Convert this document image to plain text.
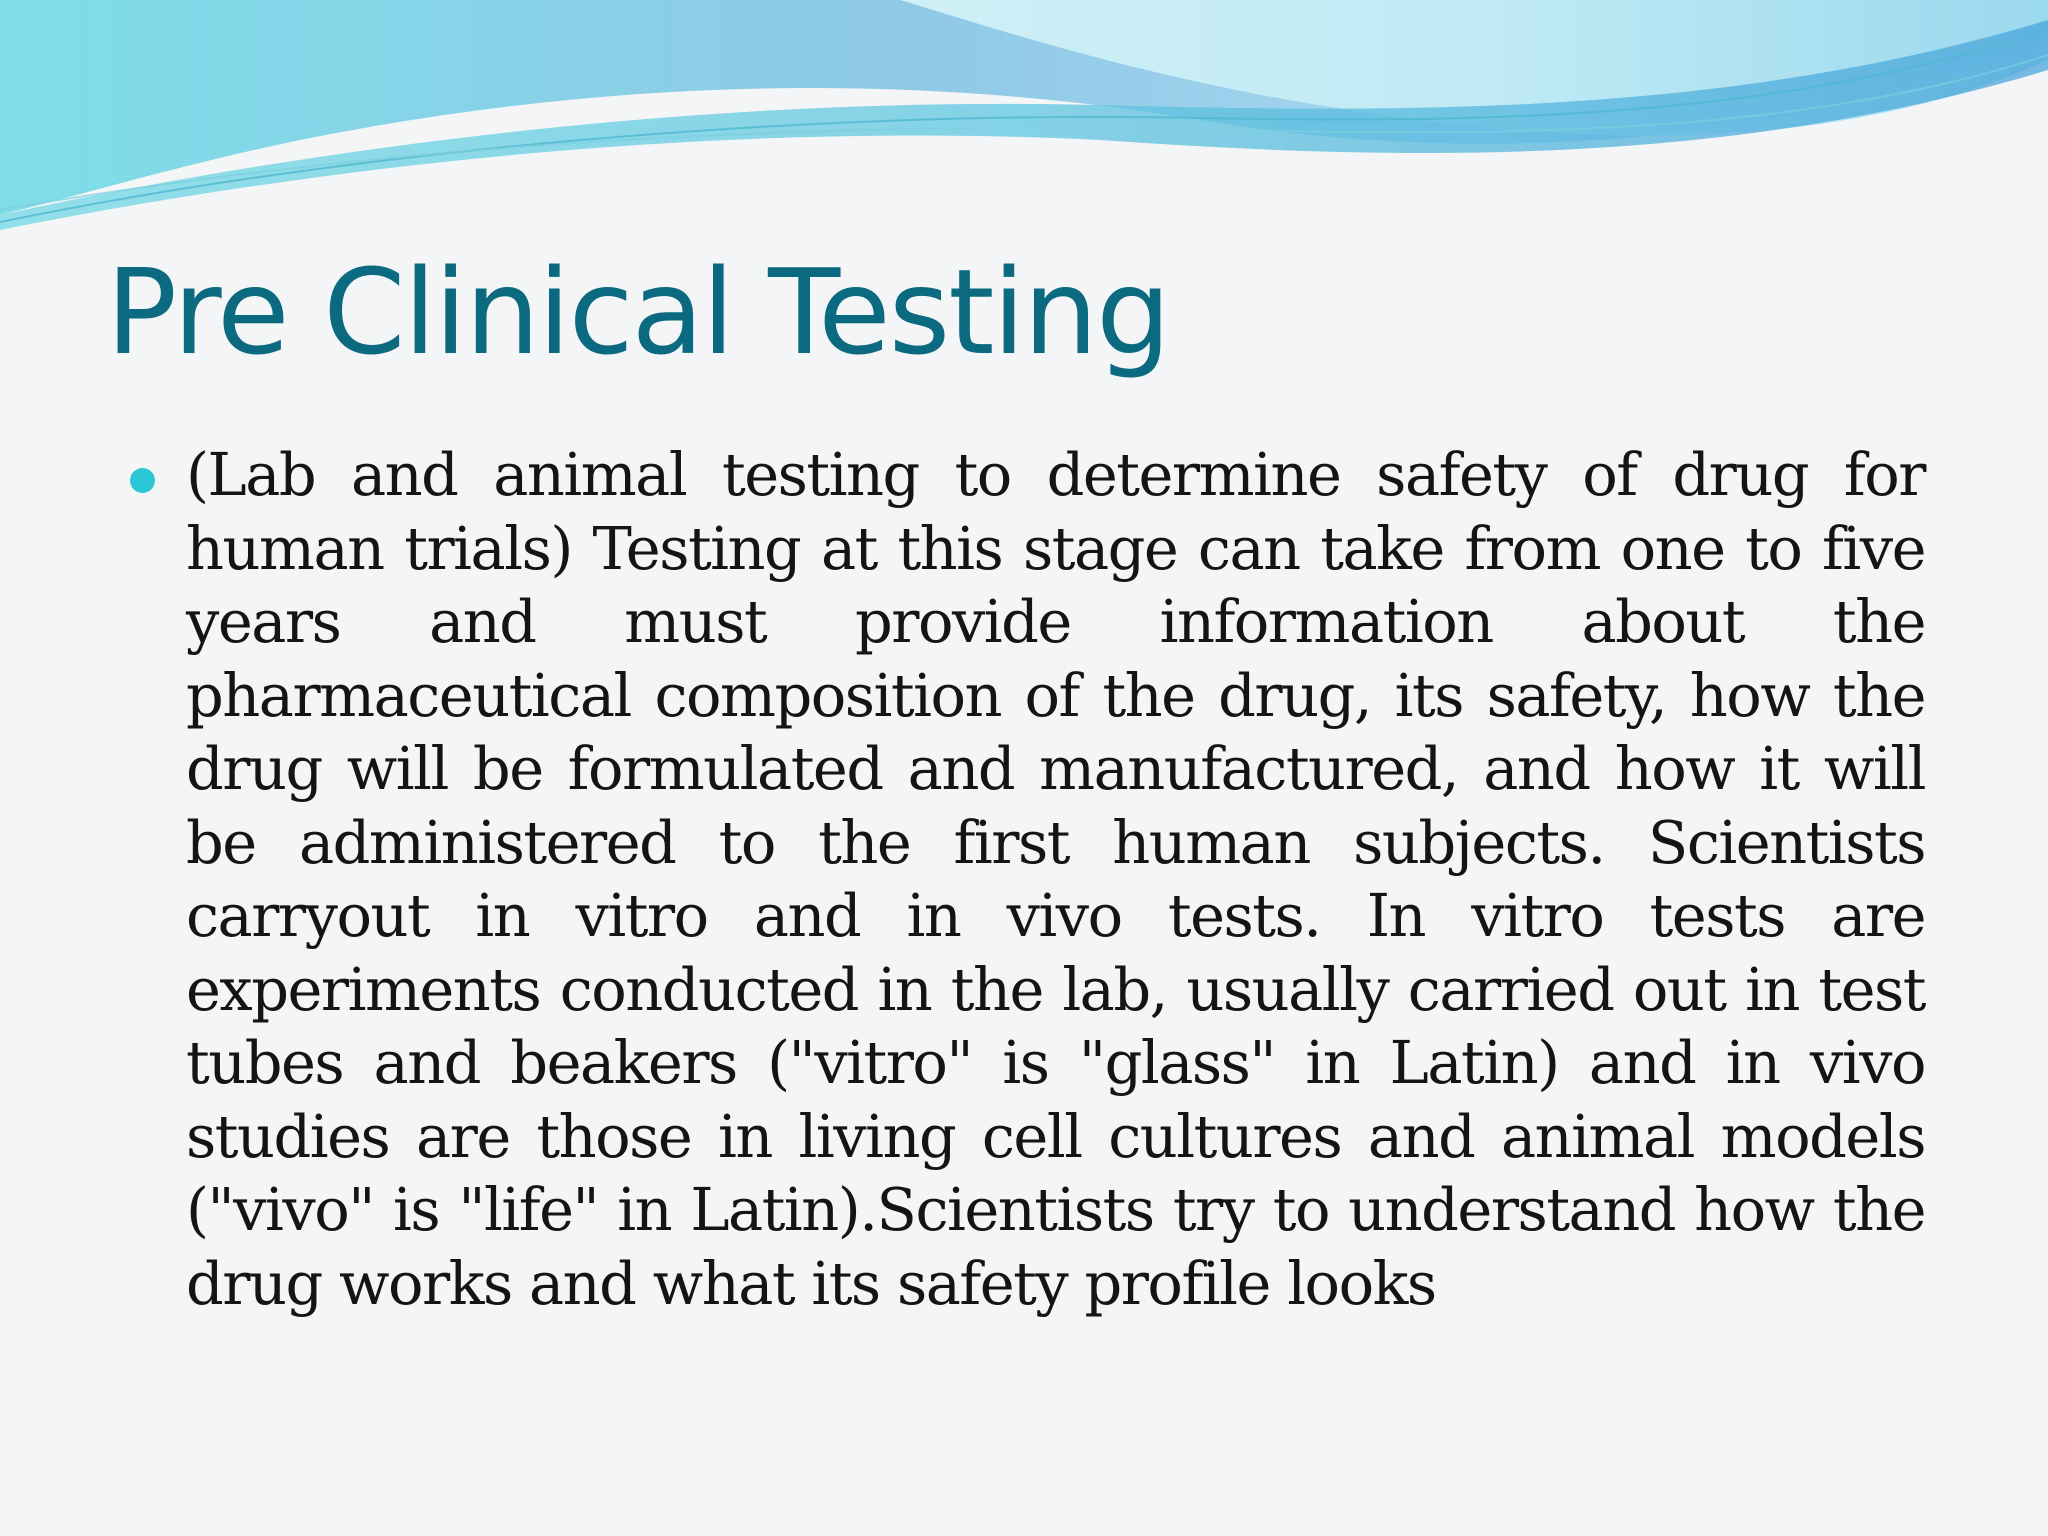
Pre Clinical Testing
(Lab and animal testing to determine safety of drug for human trials) Testing at this stage can take from one to five years and must provide information about the pharmaceutical composition of the drug, its safety, how the drug will be formulated and manufactured, and how it will be administered to the first human subjects. Scientists carryout in vitro and in vivo tests. In vitro tests are experiments conducted in the lab, usually carried out in test tubes and beakers ("vitro" is "glass" in Latin) and in vivo studies are those in living cell cultures and animal models ("vivo" is "life" in Latin).Scientists try to understand how the drug works and what its safety profile looks
